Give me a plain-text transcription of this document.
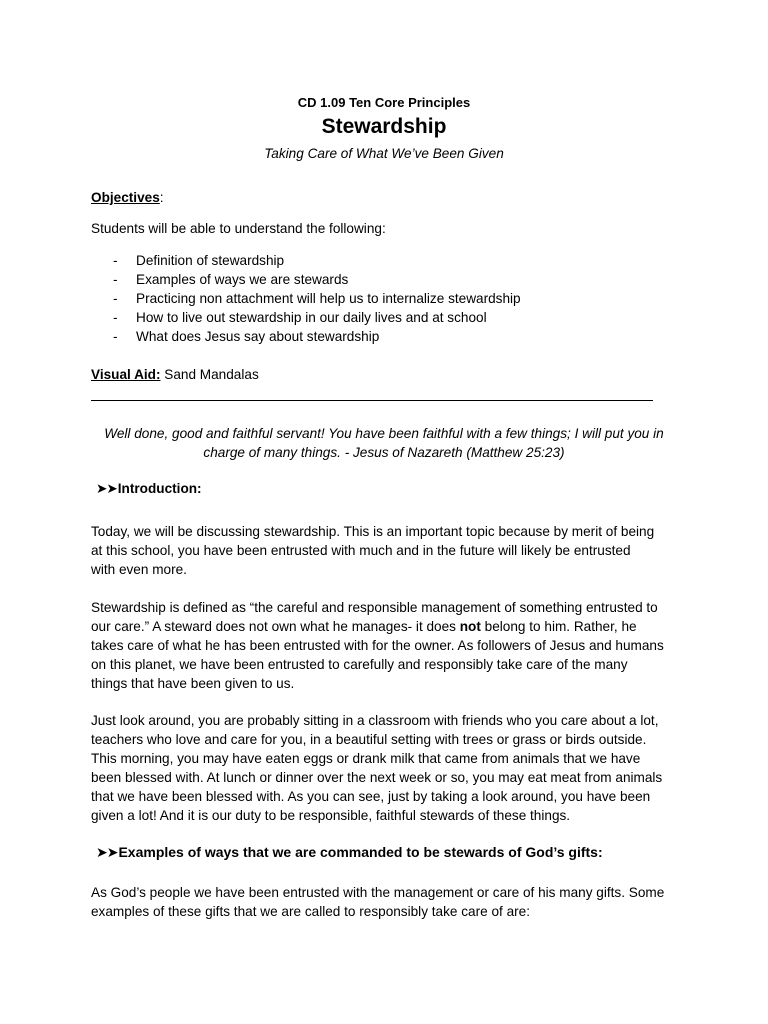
CD 1.09 Ten Core Principles
Stewardship
Taking Care of What We’ve Been Given
Objectives:
Students will be able to understand the following:
- Definition of stewardship
- Examples of ways we are stewards
- Practicing non attachment will help us to internalize stewardship
- How to live out stewardship in our daily lives and at school
- What does Jesus say about stewardship
Visual Aid: Sand Mandalas
Well done, good and faithful servant! You have been faithful with a few things; I will put you in
charge of many things. - Jesus of Nazareth (Matthew 25:23)
➤➤Introduction:
Today, we will be discussing stewardship. This is an important topic because by merit of being
at this school, you have been entrusted with much and in the future will likely be entrusted
with even more.
Stewardship is defined as “the careful and responsible management of something entrusted to
our care.” A steward does not own what he manages- it does not belong to him. Rather, he
takes care of what he has been entrusted with for the owner. As followers of Jesus and humans
on this planet, we have been entrusted to carefully and responsibly take care of the many
things that have been given to us.
Just look around, you are probably sitting in a classroom with friends who you care about a lot,
teachers who love and care for you, in a beautiful setting with trees or grass or birds outside.
This morning, you may have eaten eggs or drank milk that came from animals that we have
been blessed with. At lunch or dinner over the next week or so, you may eat meat from animals
that we have been blessed with. As you can see, just by taking a look around, you have been
given a lot! And it is our duty to be responsible, faithful stewards of these things.
➤➤Examples of ways that we are commanded to be stewards of God’s gifts:
As God’s people we have been entrusted with the management or care of his many gifts. Some
examples of these gifts that we are called to responsibly take care of are:
